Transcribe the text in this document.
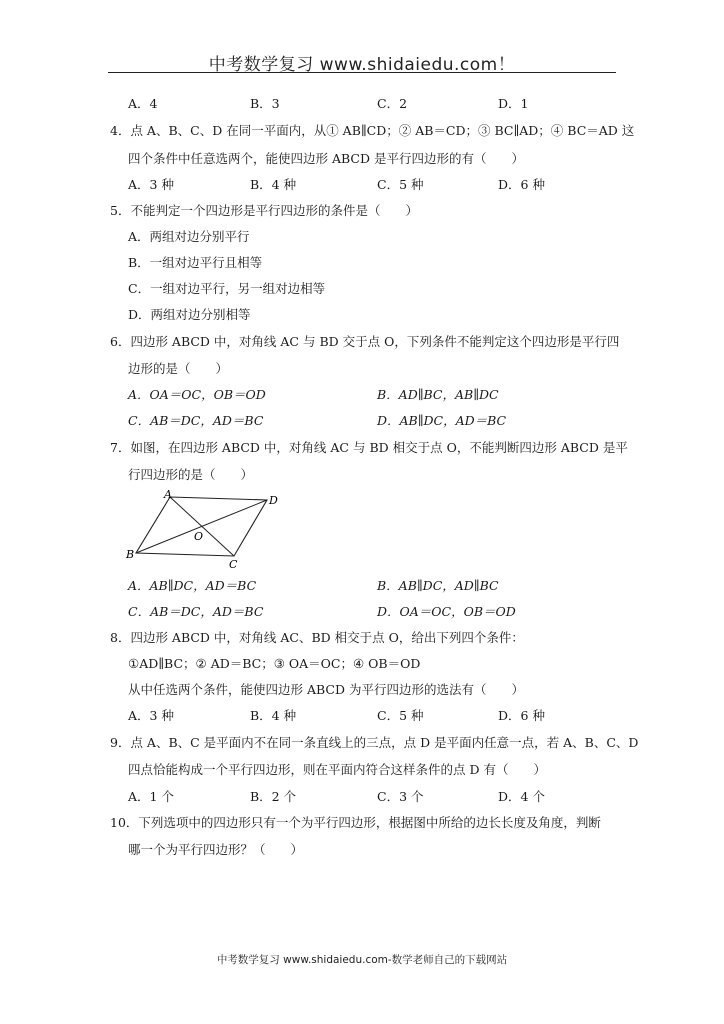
中考数学复习 www.shidaiedu.com！
A．4	B．3	C．2	D．1
4．点 A、B、C、D 在同一平面内，从① AB∥CD；② AB＝CD；③ BC∥AD；④ BC＝AD 这
四个条件中任意选两个，能使四边形 ABCD 是平行四边形的有（　　）
A．3 种	B．4 种	C．5 种	D．6 种
5．不能判定一个四边形是平行四边形的条件是（　　）
A．两组对边分别平行
B．一组对边平行且相等
C．一组对边平行，另一组对边相等
D．两组对边分别相等
6．四边形 ABCD 中，对角线 AC 与 BD 交于点 O，下列条件不能判定这个四边形是平行四
边形的是（　　）
A．OA＝OC，OB＝OD	B．AD∥BC，AB∥DC
C．AB＝DC，AD＝BC	D．AB∥DC，AD＝BC
7．如图，在四边形 ABCD 中，对角线 AC 与 BD 相交于点 O，不能判断四边形 ABCD 是平
行四边形的是（　　）
A	D
O
B
C
A．AB∥DC，AD＝BC	B．AB∥DC，AD∥BC
C．AB＝DC，AD＝BC	D．OA＝OC，OB＝OD
8．四边形 ABCD 中，对角线 AC、BD 相交于点 O，给出下列四个条件：
①AD∥BC；② AD＝BC；③ OA＝OC；④ OB＝OD
从中任选两个条件，能使四边形 ABCD 为平行四边形的选法有（　　）
A．3 种	B．4 种	C．5 种	D．6 种
9．点 A、B、C 是平面内不在同一条直线上的三点，点 D 是平面内任意一点，若 A、B、C、D
四点恰能构成一个平行四边形，则在平面内符合这样条件的点 D 有（　　）
A．1 个	B．2 个	C．3 个	D．4 个
10．下列选项中的四边形只有一个为平行四边形，根据图中所给的边长长度及角度，判断
哪一个为平行四边形？（　　）
中考数学复习 www.shidaiedu.com-数学老师自己的下载网站
